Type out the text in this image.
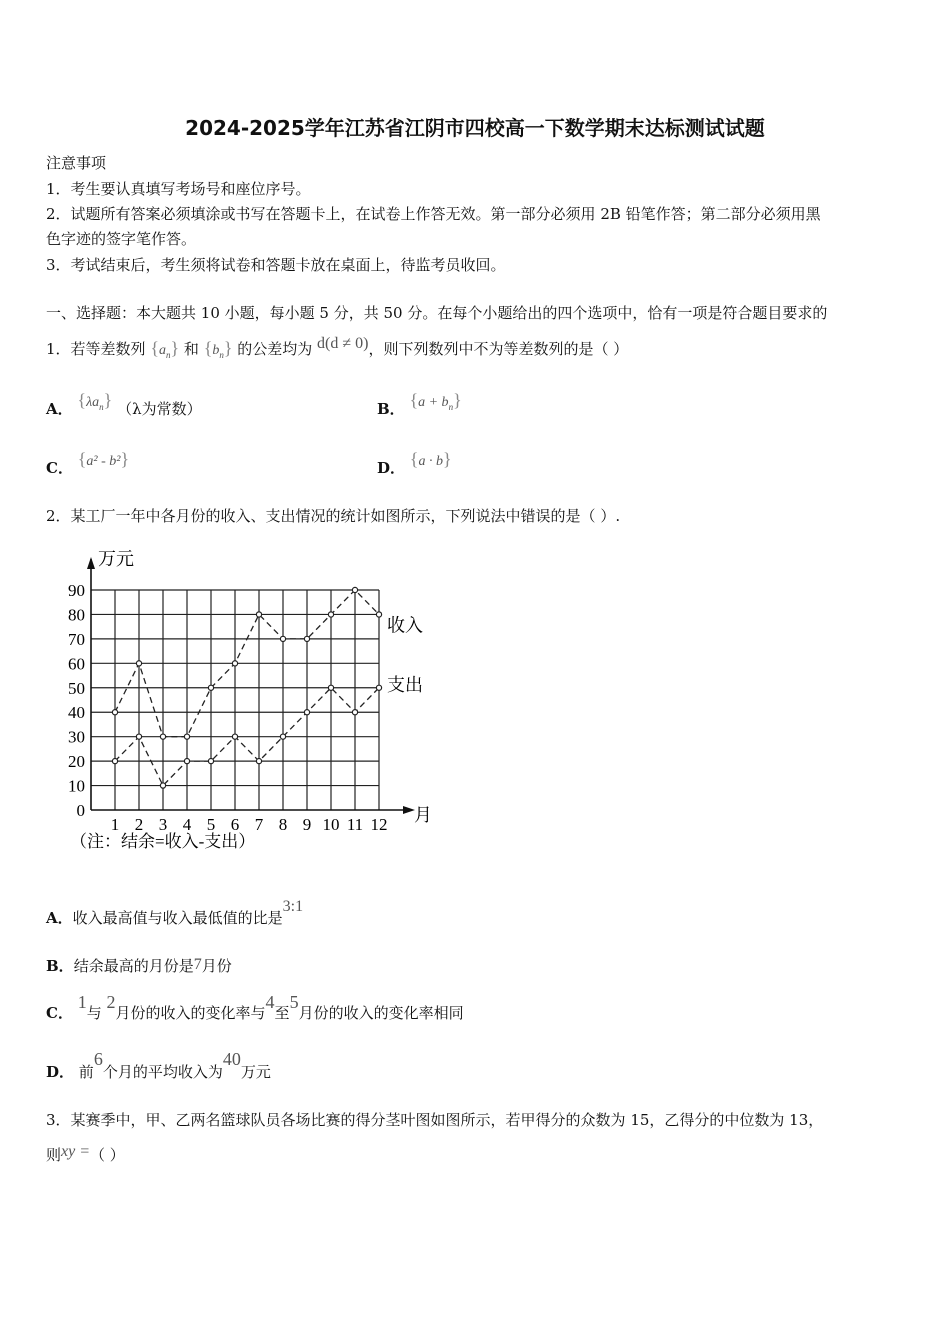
2024-2025学年江苏省江阴市四校高一下数学期末达标测试试题
注意事项
1．考生要认真填写考场号和座位序号。
2．试题所有答案必须填涂或书写在答题卡上，在试卷上作答无效。第一部分必须用 2B 铅笔作答；第二部分必须用黑
色字迹的签字笔作答。
3．考试结束后，考生须将试卷和答题卡放在桌面上，待监考员收回。
一、选择题：本大题共 10 小题，每小题 5 分，共 50 分。在每个小题给出的四个选项中，恰有一项是符合题目要求的
1．若等差数列 $\{a_n\}$ 和 $\{b_n\}$ 的公差均为 d(d ≠ 0)，则下列数列中不为等差数列的是（ ）
A． $\{\lambda a_n\}$ （λ为常数）	B． $\{a + b_n\}$
C． {a² - b²}	D． {a · b}
2．某工厂一年中各月份的收入、支出情况的统计如图所示，下列说法中错误的是（ ）.
0
10
20
30
40
50
60
70
80
90
1 2 3 4 5 6 7 8 9 10 11 12
收入
支出
万元
月
（注：结余=收入-支出）
A．收入最高值与收入最低值的比是3:1
B．结余最高的月份是7月份
C． 1与 2月份的收入的变化率与4至5月份的收入的变化率相同
D． 前6个月的平均收入为40万元
3．某赛季中，甲、乙两名篮球队员各场比赛的得分茎叶图如图所示，若甲得分的众数为 15，乙得分的中位数为 13，
则xy =（ ）
